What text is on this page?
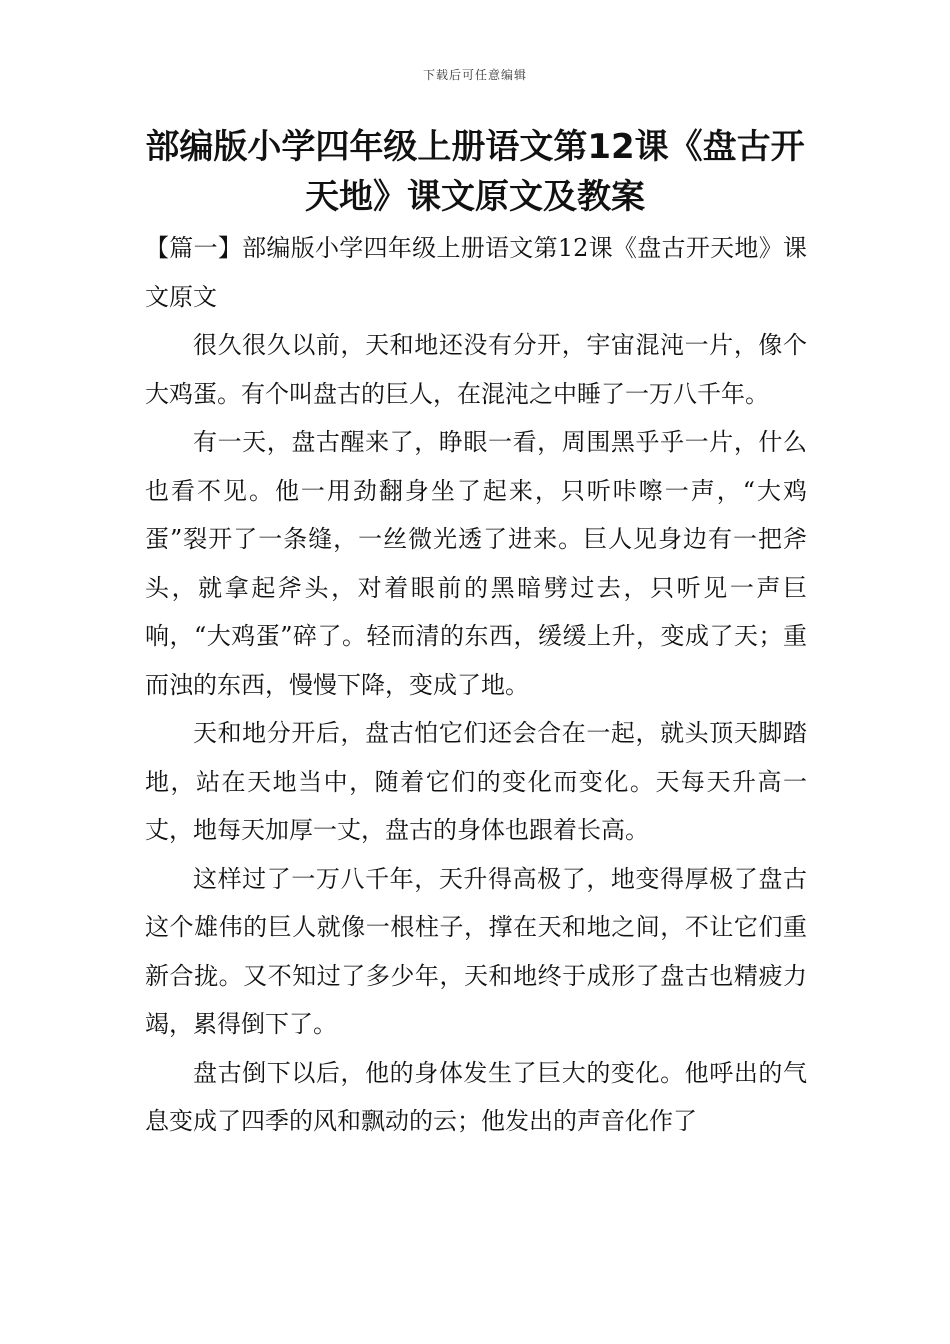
下载后可任意编辑
部编版小学四年级上册语文第12课《盘古开天地》课文原文及教案

【篇一】部编版小学四年级上册语文第12课《盘古开天地》课文原文

很久很久以前，天和地还没有分开，宇宙混沌一片，像个大鸡蛋。有个叫盘古的巨人，在混沌之中睡了一万八千年。

有一天，盘古醒来了，睁眼一看，周围黑乎乎一片，什么也看不见。他一用劲翻身坐了起来，只听咔嚓一声，“大鸡蛋”裂开了一条缝，一丝微光透了进来。巨人见身边有一把斧头，就拿起斧头，对着眼前的黑暗劈过去，只听见一声巨响，“大鸡蛋”碎了。轻而清的东西，缓缓上升，变成了天；重而浊的东西，慢慢下降，变成了地。

天和地分开后，盘古怕它们还会合在一起，就头顶天脚踏地，站在天地当中，随着它们的变化而变化。天每天升高一丈，地每天加厚一丈，盘古的身体也跟着长高。

这样过了一万八千年，天升得高极了，地变得厚极了盘古这个雄伟的巨人就像一根柱子，撑在天和地之间，不让它们重新合拢。又不知过了多少年，天和地终于成形了盘古也精疲力竭，累得倒下了。

盘古倒下以后，他的身体发生了巨大的变化。他呼出的气息变成了四季的风和飘动的云；他发出的声音化作了
